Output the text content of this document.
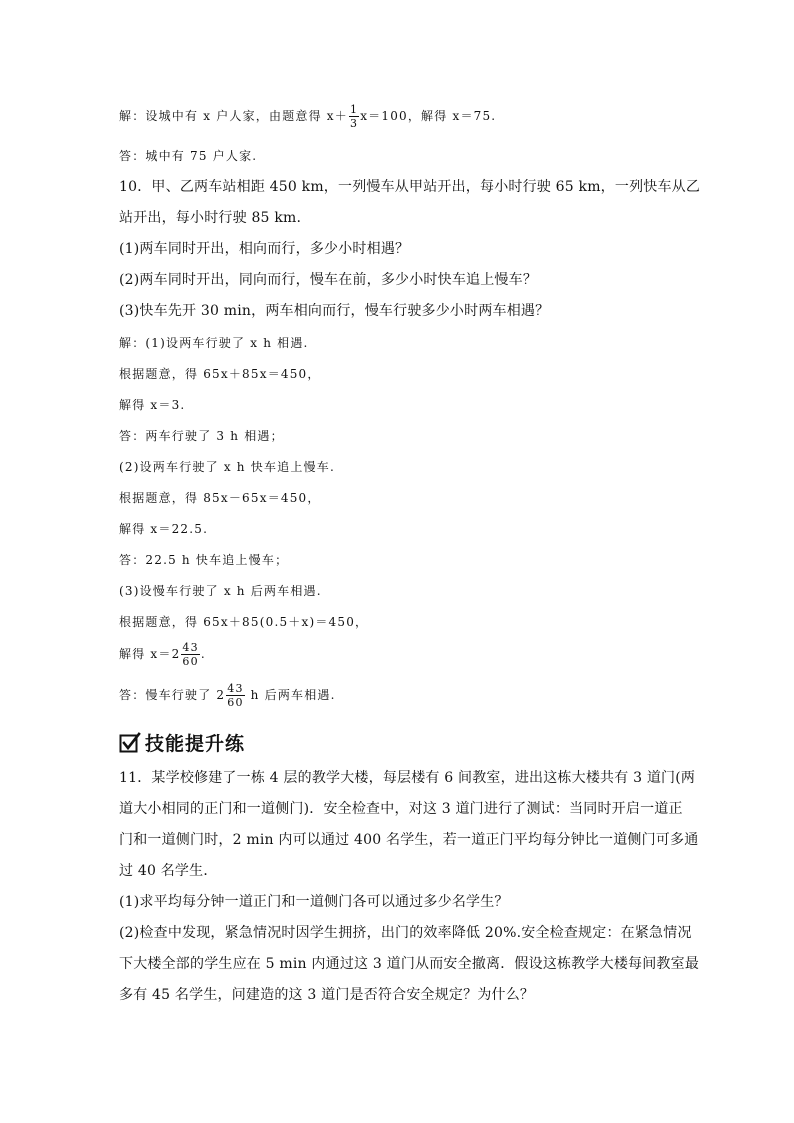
解：设城中有 x 户人家，由题意得 $x+ \frac{1}{3} x=100$，解得 x＝75.
答：城中有 75 户人家.
10．甲、乙两车站相距 450 km，一列慢车从甲站开出，每小时行驶 65 km，一列快车从乙
站开出，每小时行驶 85 km.
(1)两车同时开出，相向而行，多少小时相遇？
(2)两车同时开出，同向而行，慢车在前，多少小时快车追上慢车？
(3)快车先开 30 min，两车相向而行，慢车行驶多少小时两车相遇？
解：(1)设两车行驶了 x h 相遇.
根据题意，得 65x＋85x＝450，
解得 x＝3.
答：两车行驶了 3 h 相遇；
(2)设两车行驶了 x h 快车追上慢车.
根据题意，得 85x－65x＝450，
解得 x＝22.5.
答：22.5 h 快车追上慢车；
(3)设慢车行驶了 x h 后两车相遇.
根据题意，得 65x＋85(0.5＋x)＝450，
解得 $x=2 \frac{43}{60}$ .
答：慢车行驶了 $2 \frac{43}{60}$ h 后两车相遇.
技能提升练
11．某学校修建了一栋 4 层的教学大楼，每层楼有 6 间教室，进出这栋大楼共有 3 道门(两
道大小相同的正门和一道侧门)．安全检查中，对这 3 道门进行了测试：当同时开启一道正
门和一道侧门时，2 min 内可以通过 400 名学生，若一道正门平均每分钟比一道侧门可多通
过 40 名学生．
(1)求平均每分钟一道正门和一道侧门各可以通过多少名学生？
(2)检查中发现，紧急情况时因学生拥挤，出门的效率降低 20%.安全检查规定：在紧急情况
下大楼全部的学生应在 5 min 内通过这 3 道门从而安全撤离．假设这栋教学大楼每间教室最
多有 45 名学生，问建造的这 3 道门是否符合安全规定？为什么？
